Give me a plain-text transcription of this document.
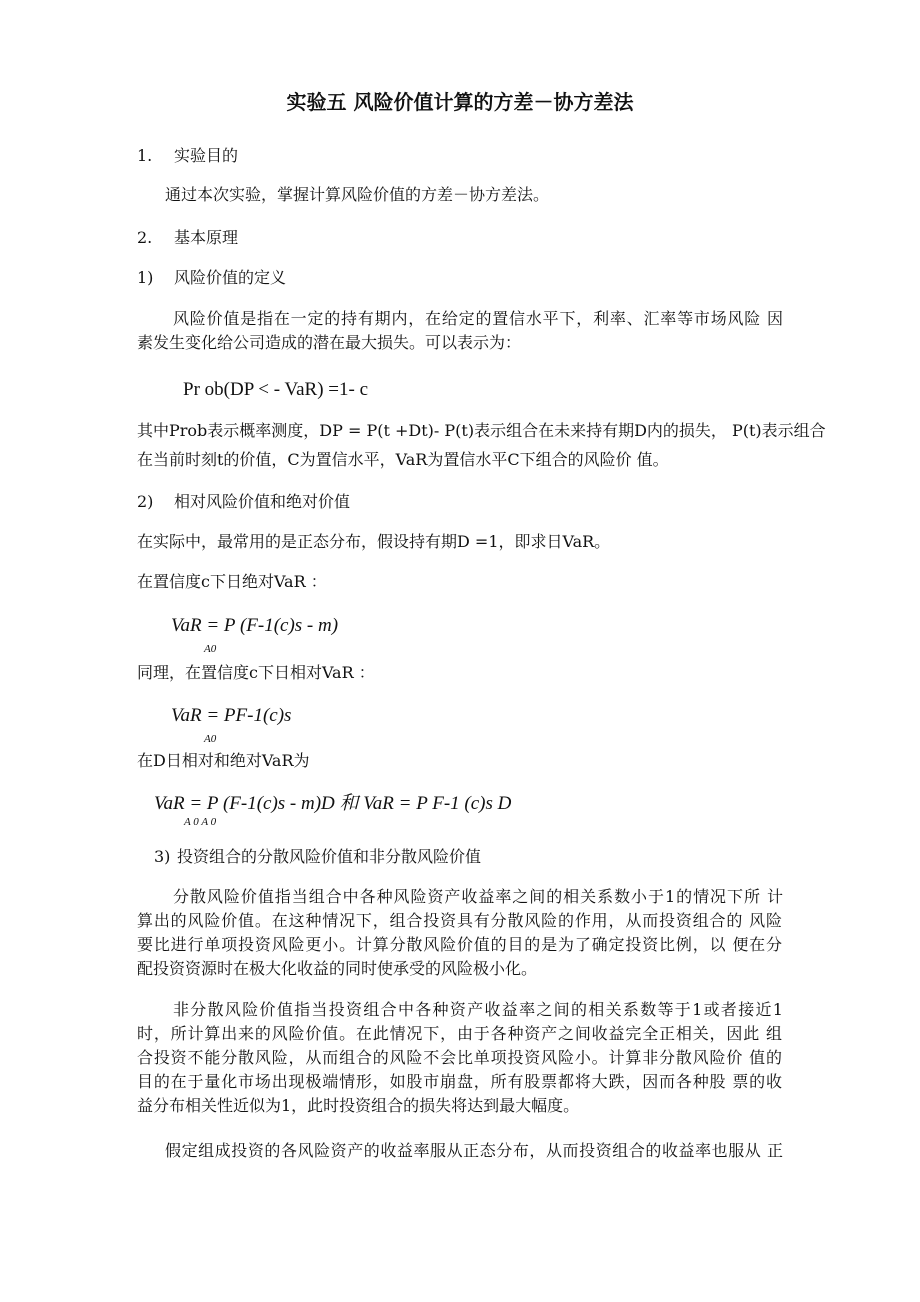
实验五 风险价值计算的方差－协方差法
1. 实验目的
通过本次实验，掌握计算风险价值的方差－协方差法。
2. 基本原理
1) 风险价值的定义
风险价值是指在一定的持有期内，在给定的置信水平下，利率、汇率等市场风险 因
素发生变化给公司造成的潜在最大损失。可以表示为：
Pr ob(DP < - VaR) =1- c
其中Prob表示概率测度，DP = P(t +Dt)- P(t)表示组合在未来持有期D内的损失， P(t)表示组合
在当前时刻t的价值，C为置信水平，VaR为置信水平C下组合的风险价 值。
2) 相对风险价值和绝对价值
在实际中，最常用的是正态分布，假设持有期D =1，即求日VaR。
在置信度c下日绝对VaR ：
VaR = P (F-1(c)s - m)
A0
同理，在置信度c下日相对VaR ：
VaR = PF-1(c)s
A0
在D日相对和绝对VaR为
VaR = P (F-1(c)s - m)D 和 VaR = P F-1 (c)s D
A 0 A 0
3) 投资组合的分散风险价值和非分散风险价值
分散风险价值指当组合中各种风险资产收益率之间的相关系数小于1的情况下所 计
算出的风险价值。在这种情况下，组合投资具有分散风险的作用，从而投资组合的 风险
要比进行单项投资风险更小。计算分散风险价值的目的是为了确定投资比例，以 便在分
配投资资源时在极大化收益的同时使承受的风险极小化。
非分散风险价值指当投资组合中各种资产收益率之间的相关系数等于1或者接近1
时，所计算出来的风险价值。在此情况下，由于各种资产之间收益完全正相关，因此 组
合投资不能分散风险，从而组合的风险不会比单项投资风险小。计算非分散风险价 值的
目的在于量化市场出现极端情形，如股市崩盘，所有股票都将大跌，因而各种股 票的收
益分布相关性近似为1，此时投资组合的损失将达到最大幅度。
假定组成投资的各风险资产的收益率服从正态分布，从而投资组合的收益率也服从 正
